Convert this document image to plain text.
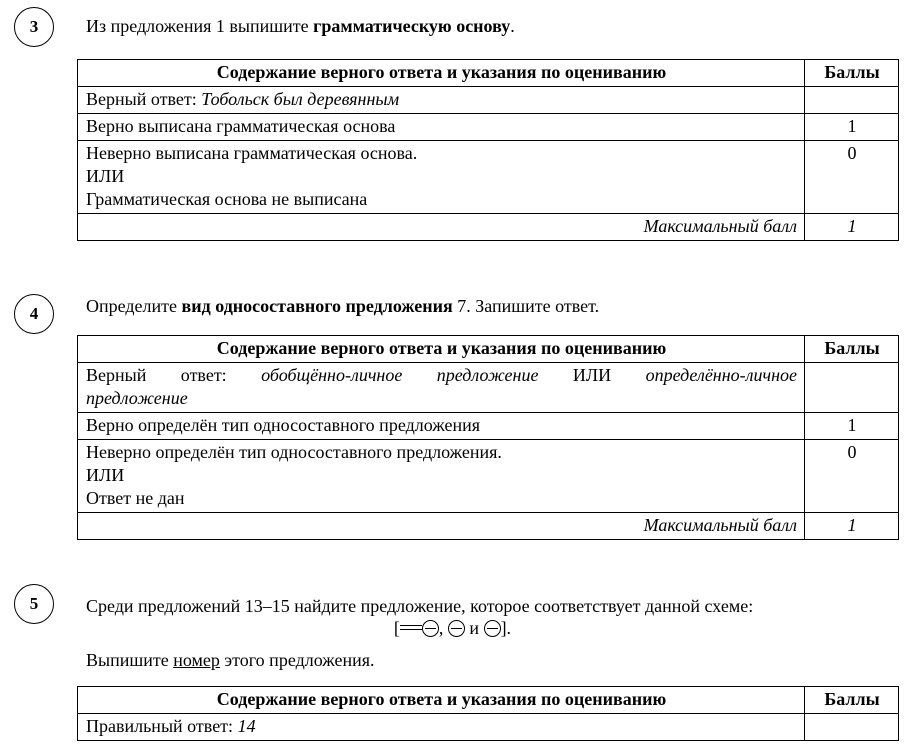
3	Из предложения 1 выпишите грамматическую основу.
Содержание верного ответа и указания по оцениванию	Баллы
Верный ответ: Тобольск был деревянным	
Верно выписана грамматическая основа	1

Неверно выписана грамматическая основа.
ИЛИ
Грамматическая основа не выписана	0
Максимальный балл	1
4	Определите вид односоставного предложения 7. Запишите ответ.
Содержание верного ответа и указания по оцениванию	Баллы

Верный ответ: обобщённо-личное предложение ИЛИ определённо-личное
предложение	

Верно определён тип односоставного предложения	1

Неверно определён тип односоставного предложения.
ИЛИ
Ответ не дан	0
Максимальный балл	1
5	Среди предложений 13–15 найдите предложение, которое соответствует данной схеме:
[ ,  и ].
Выпишите номер этого предложения.
Содержание верного ответа и указания по оцениванию	Баллы
Правильный ответ: 14	
